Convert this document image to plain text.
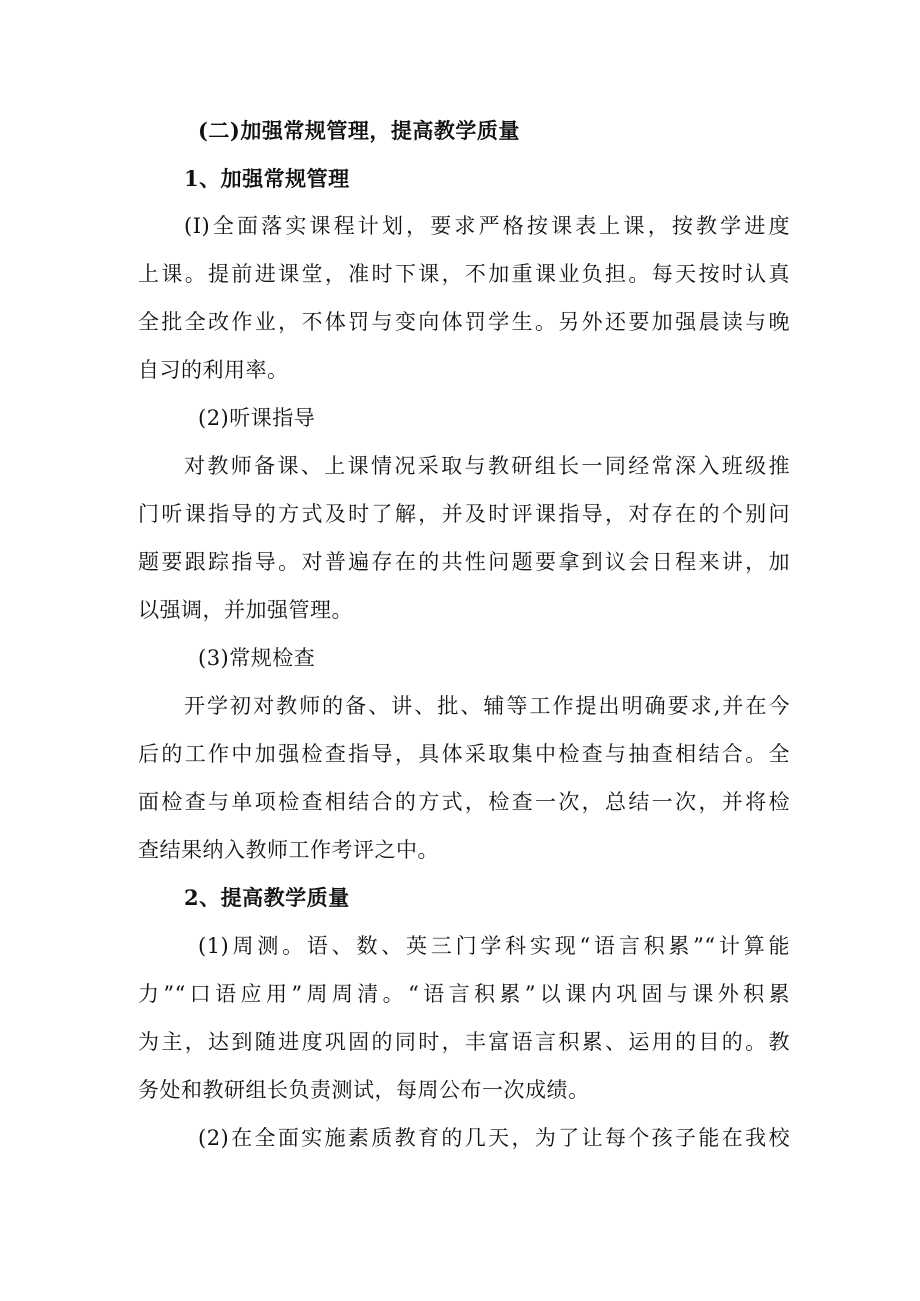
(二)加强常规管理，提高教学质量
1、加强常规管理
(I)全面落实课程计划，要求严格按课表上课，按教学进度
上课。提前进课堂，准时下课，不加重课业负担。每天按时认真
全批全改作业，不体罚与变向体罚学生。另外还要加强晨读与晚
自习的利用率。
(2)听课指导
对教师备课、上课情况采取与教研组长一同经常深入班级推
门听课指导的方式及时了解，并及时评课指导，对存在的个别问
题要跟踪指导。对普遍存在的共性问题要拿到议会日程来讲，加
以强调，并加强管理。
(3)常规检查
开学初对教师的备、讲、批、辅等工作提出明确要求,并在今
后的工作中加强检查指导，具体采取集中检查与抽查相结合。全
面检查与单项检查相结合的方式，检查一次，总结一次，并将检
查结果纳入教师工作考评之中。
2、提高教学质量
(1)周测。语、数、英三门学科实现“语言积累”“计算能
力”“口语应用”周周清。“语言积累”以课内巩固与课外积累
为主，达到随进度巩固的同时，丰富语言积累、运用的目的。教
务处和教研组长负责测试，每周公布一次成绩。
(2)在全面实施素质教育的几天，为了让每个孩子能在我校
